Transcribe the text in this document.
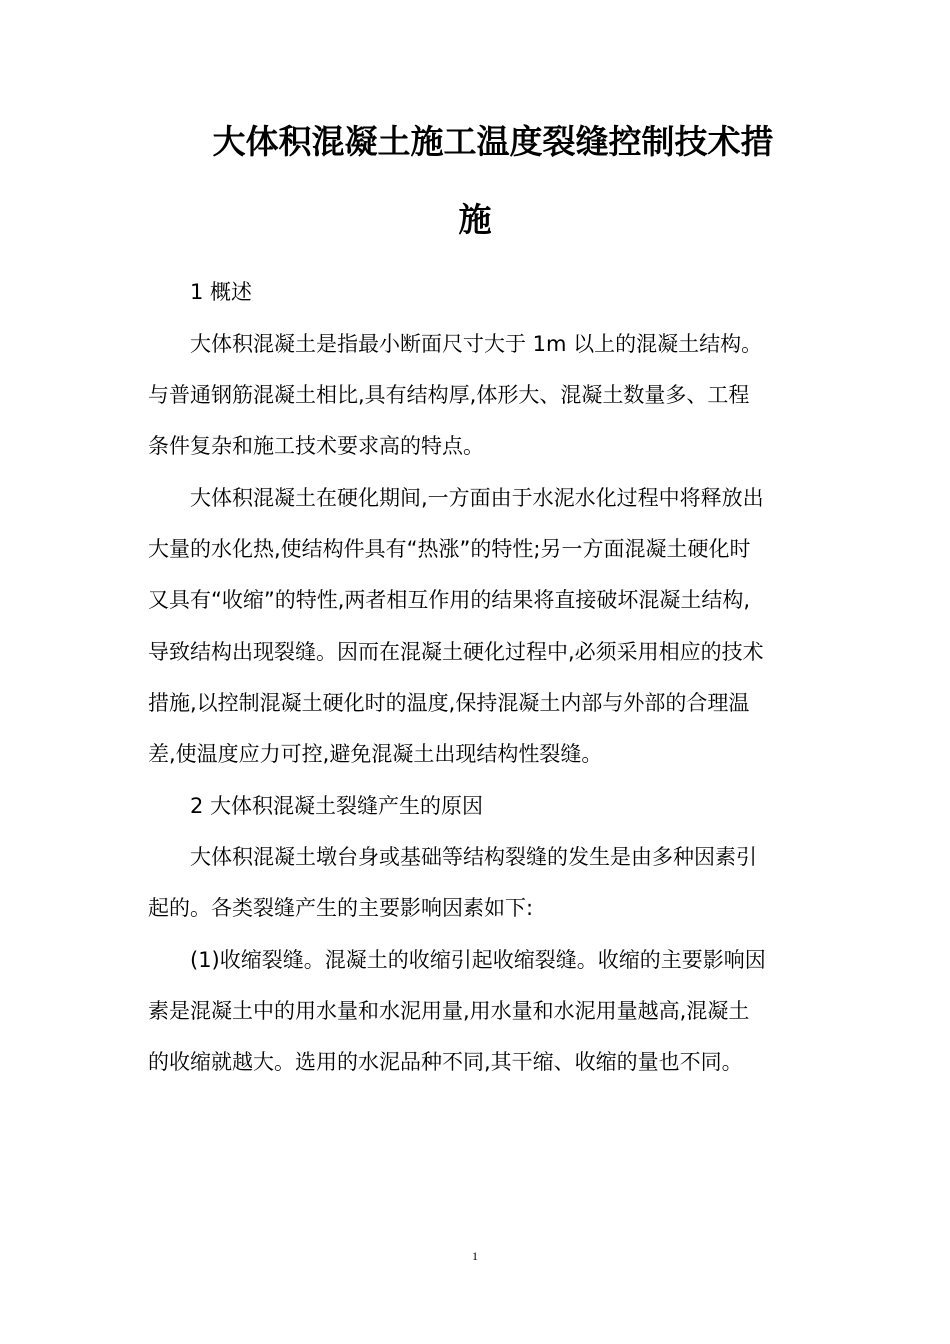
大体积混凝土施工温度裂缝控制技术措
施

1 概述

大体积混凝土是指最小断面尺寸大于 1m 以上的混凝土结构。

与普通钢筋混凝土相比,具有结构厚,体形大、混凝土数量多、工程

条件复杂和施工技术要求高的特点。

大体积混凝土在硬化期间,一方面由于水泥水化过程中将释放出

大量的水化热,使结构件具有“热涨”的特性;另一方面混凝土硬化时

又具有“收缩”的特性,两者相互作用的结果将直接破坏混凝土结构,

导致结构出现裂缝。因而在混凝土硬化过程中,必须采用相应的技术

措施,以控制混凝土硬化时的温度,保持混凝土内部与外部的合理温

差,使温度应力可控,避免混凝土出现结构性裂缝。

2 大体积混凝土裂缝产生的原因

大体积混凝土墩台身或基础等结构裂缝的发生是由多种因素引

起的。各类裂缝产生的主要影响因素如下:

(1)收缩裂缝。混凝土的收缩引起收缩裂缝。收缩的主要影响因

素是混凝土中的用水量和水泥用量,用水量和水泥用量越高,混凝土

的收缩就越大。选用的水泥品种不同,其干缩、收缩的量也不同。

1
